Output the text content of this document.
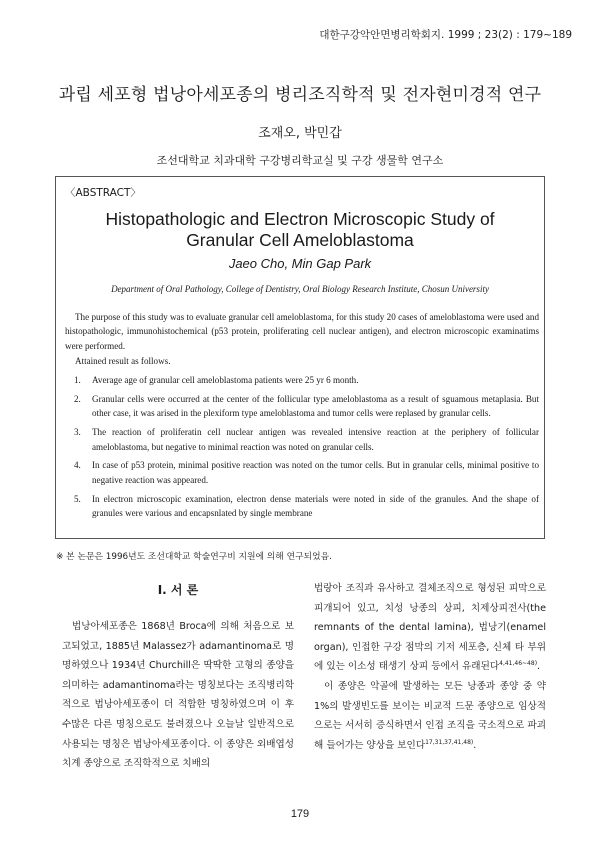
대한구강악안면병리학회지. 1999 ; 23(2) : 179~189
과립 세포형 법낭아세포종의 병리조직학적 및 전자현미경적 연구
조재오, 박민갑
조선대학교 치과대학 구강병리학교실 및 구강 생물학 연구소
〈ABSTRACT〉
Histopathologic and Electron Microscopic Study of
Granular Cell Ameloblastoma
Jaeo Cho, Min Gap Park
Department of Oral Pathology, College of Dentistry, Oral Biology Research Institute, Chosun University

The purpose of this study was to evaluate granular cell ameloblastoma, for this study 20 cases of ameloblastoma were used and histopathologic, immunohistochemical (p53 protein, proliferating cell nuclear antigen), and electron microscopic examinatims were performed.

Attained result as follows.

1.	Average age of granular cell ameloblastoma patients were 25 yr 6 month.
2.	Granular cells were occurred at the center of the follicular type ameloblastoma as a result of sguamous metaplasia. But other case, it was arised in the plexiform type ameloblastoma and tumor cells were replased by granular cells.
3.	The reaction of proliferatin cell nuclear antigen was revealed intensive reaction at the periphery of follicular ameloblastoma, but negative to minimal reaction was noted on granular cells.
4.	In case of p53 protein, minimal positive reaction was noted on the tumor cells. But in granular cells, minimal positive to negative reaction was appeared.
5.	In electron microscopic examination, electron dense materials were noted in side of the granules. And the shape of granules were various and encapsnlated by single membrane
※ 본 논문은 1996년도 조선대학교 학술연구비 지원에 의해 연구되었음.
I. 서 론

법낭아세포종은 1868년 Broca에 의해 처음으로 보고되었고, 1885년 Malassez가 adamantinoma로 명명하였으나 1934년 Churchill은 딱딱한 고형의 종양을 의미하는 adamantinoma라는 명칭보다는 조직병리학적으로 법낭아세포종이 더 적합한 명칭하였으며 이 후 수많은 다른 명칭으로도 불려졌으나 오늘날 일반적으로 사용되는 명칭은 법낭아세포종이다. 이 종양은 외배엽성 치계 종양으로 조직학적으로 치배의

법랑아 조직과 유사하고 결체조직으로 형성된 피막으로 피개되어 있고, 치성 낭종의 상피, 치제상피전사(the remnants of the dental lamina), 법낭기(enamel organ), 인접한 구강 점막의 기저 세포층, 신체 타 부위에 있는 이소성 태생기 상피 등에서 유래된다$^{4,41,46\sim 48)}$.

이 종양은 악골에 발생하는 모든 낭종과 종양 중 약 1%의 발생빈도를 보이는 비교적 드문 종양으로 임상적으로는 서서히 증식하면서 인접 조직을 국소적으로 파괴해 들어가는 양상을 보인다$^{17,31,37,41,48)}$.

179
